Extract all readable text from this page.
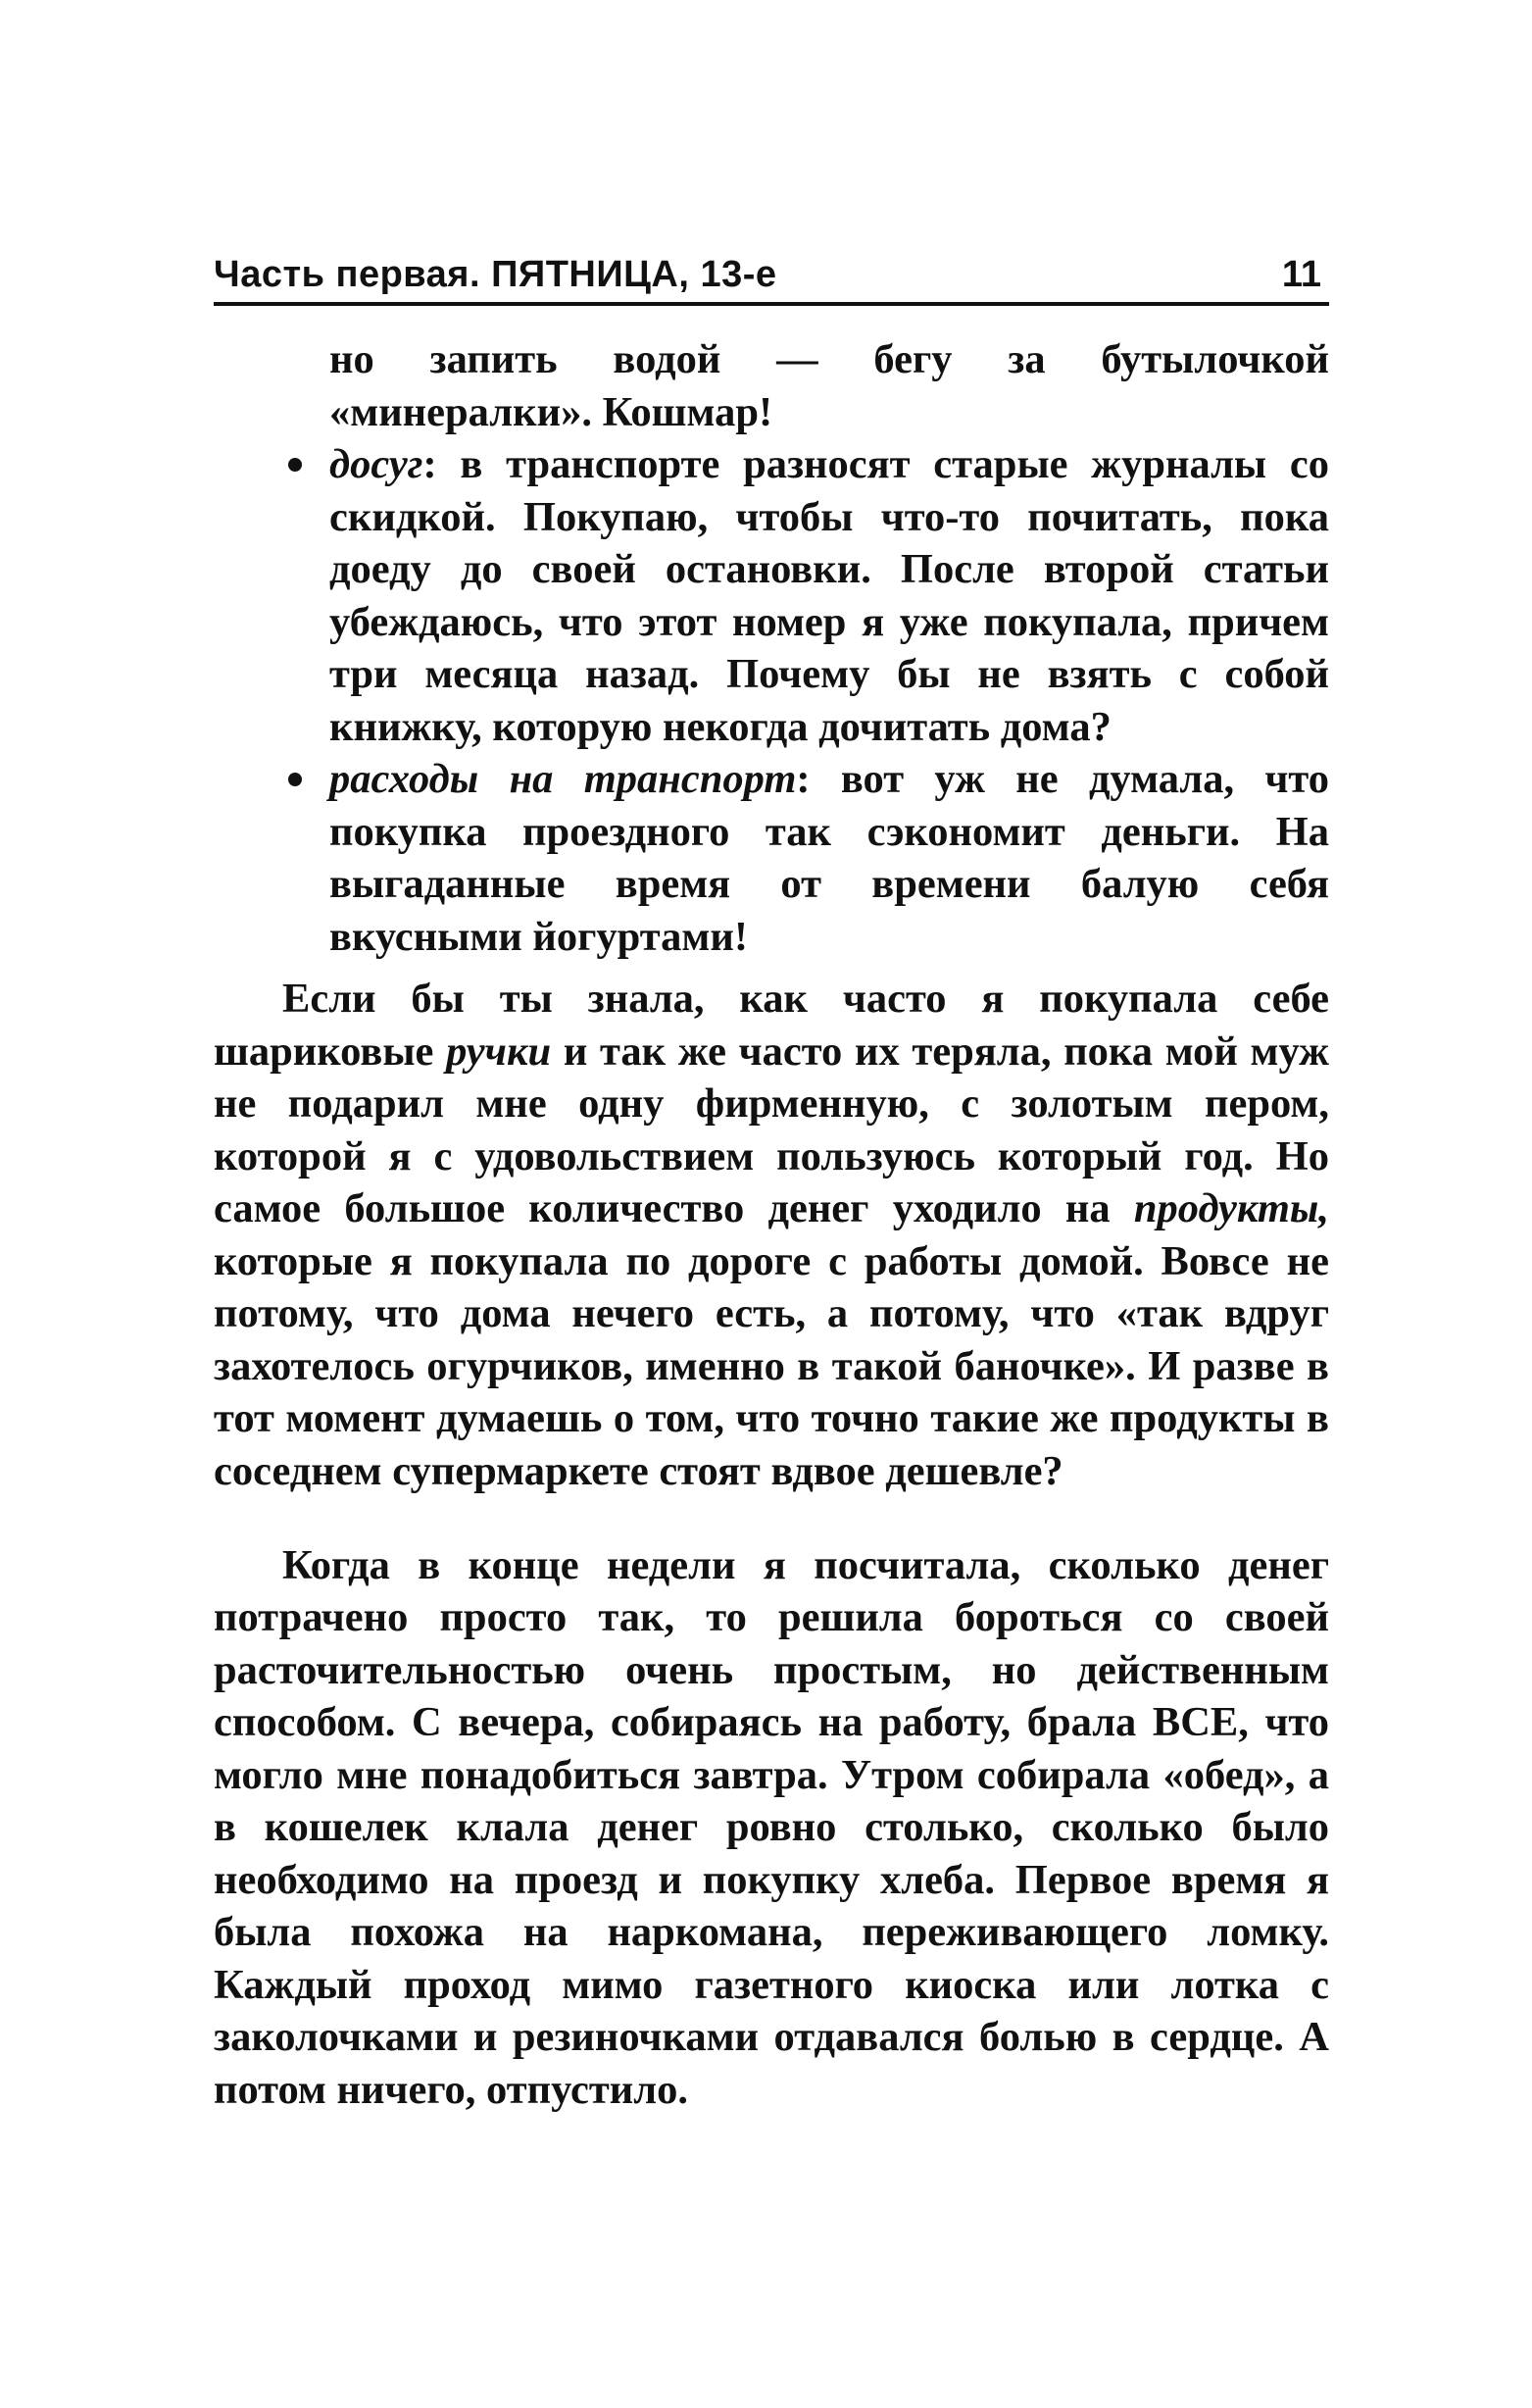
Часть первая. ПЯТНИЦА, 13-е	11
но запить водой — бегу за бутылочкой «минералки». Кошмар!
досуг: в транспорте разносят старые журналы со скидкой. Покупаю, чтобы что-то почитать, пока доеду до своей остановки. После второй статьи убеждаюсь, что этот номер я уже покупала, причем три месяца назад. Почему бы не взять с собой книжку, которую некогда дочитать дома?
расходы на транспорт: вот уж не думала, что покупка проездного так сэкономит деньги. На выгаданные время от времени балую себя вкусными йогуртами!

Если бы ты знала, как часто я покупала себе шариковые ручки и так же часто их теряла, пока мой муж не подарил мне одну фирменную, с золотым пером, которой я с удовольствием пользуюсь который год. Но самое большое количество денег уходило на продукты, которые я покупала по дороге с работы домой. Вовсе не потому, что дома нечего есть, а потому, что «так вдруг захотелось огурчиков, именно в такой баночке». И разве в тот момент думаешь о том, что точно такие же продукты в соседнем супермаркете стоят вдвое дешевле?

Когда в конце недели я посчитала, сколько денег потрачено просто так, то решила бороться со своей расточительностью очень простым, но действенным способом. С вечера, собираясь на работу, брала ВСЕ, что могло мне понадобиться завтра. Утром собирала «обед», а в кошелек клала денег ровно столько, сколько было необходимо на проезд и покупку хлеба. Первое время я была похожа на наркомана, переживающего ломку. Каждый проход мимо газетного киоска или лотка с заколочками и резиночками отдавался болью в сердце. А потом ничего, отпустило.
